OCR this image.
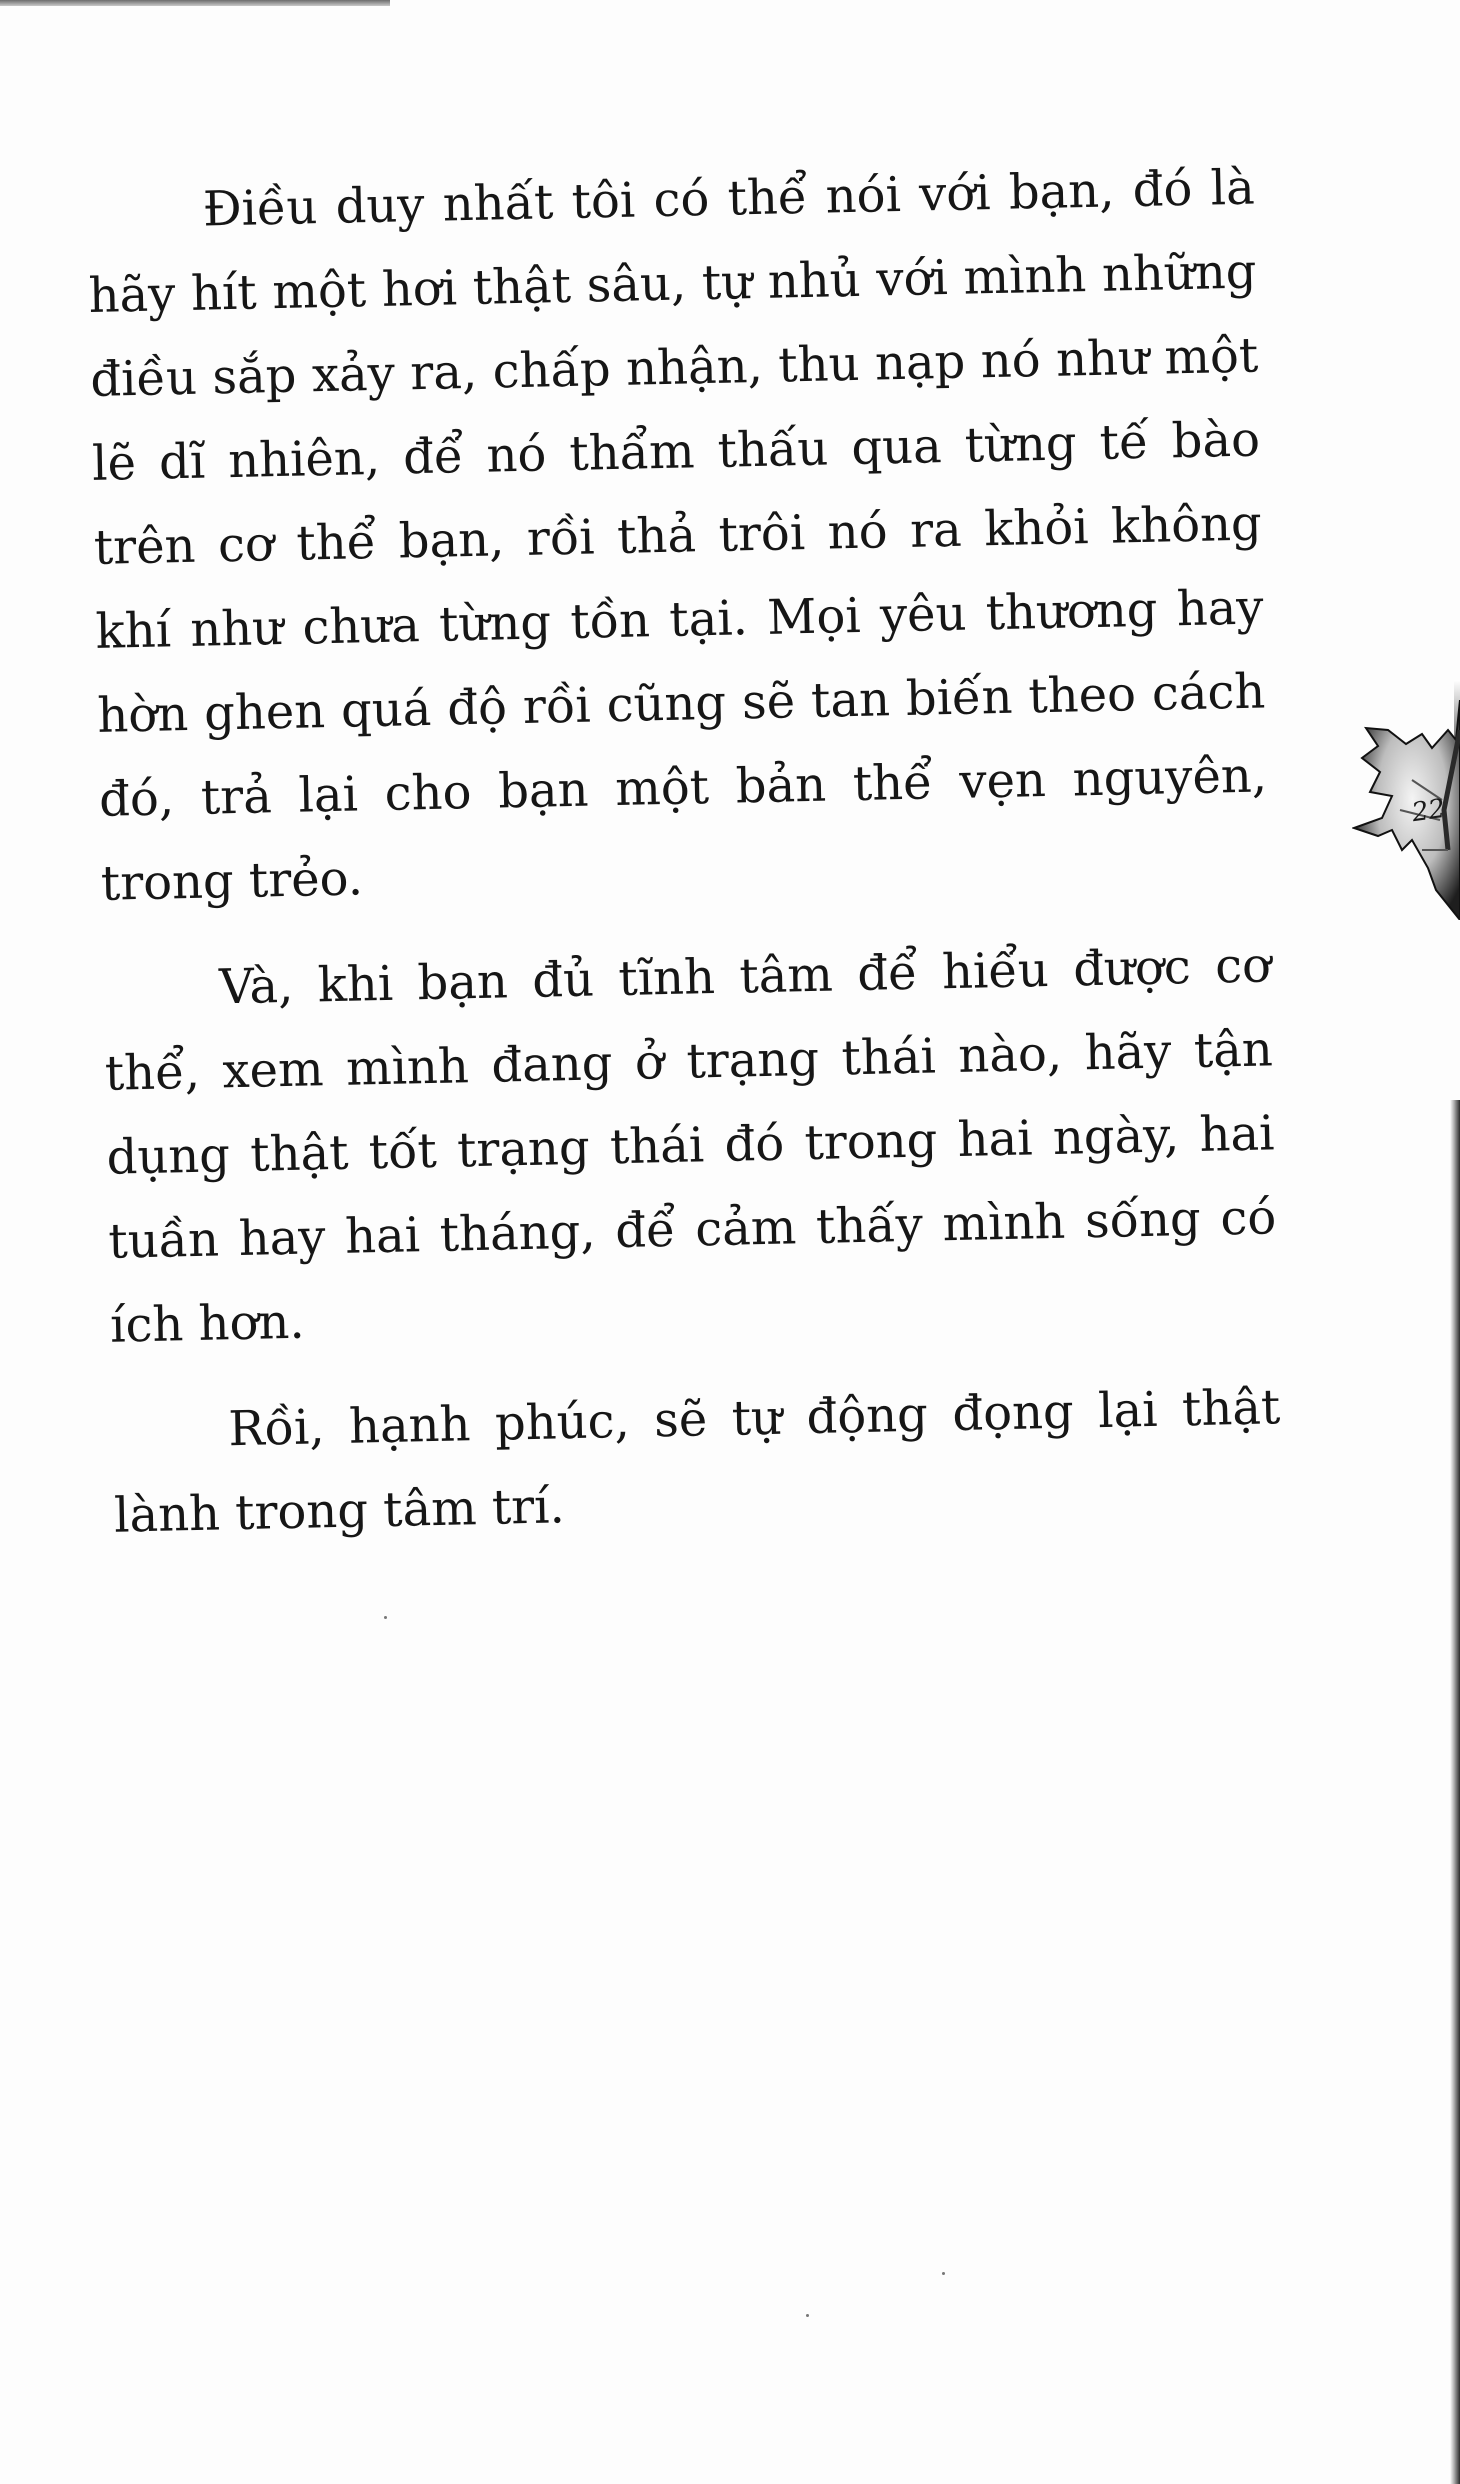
Điều duy nhất tôi có thể nói với bạn, đó là hãy hít một hơi thật sâu, tự nhủ với mình những điều sắp xảy ra, chấp nhận, thu nạp nó như một lẽ dĩ nhiên, để nó thẩm thấu qua từng tế bào trên cơ thể bạn, rồi thả trôi nó ra khỏi không khí như chưa từng tồn tại. Mọi yêu thương hay hờn ghen quá độ rồi cũng sẽ tan biến theo cách đó, trả lại cho bạn một bản thể vẹn nguyên, trong trẻo.

Và, khi bạn đủ tĩnh tâm để hiểu được cơ thể, xem mình đang ở trạng thái nào, hãy tận dụng thật tốt trạng thái đó trong hai ngày, hai tuần hay hai tháng, để cảm thấy mình sống có ích hơn.

Rồi, hạnh phúc, sẽ tự động đọng lại thật lành trong tâm trí.

22
